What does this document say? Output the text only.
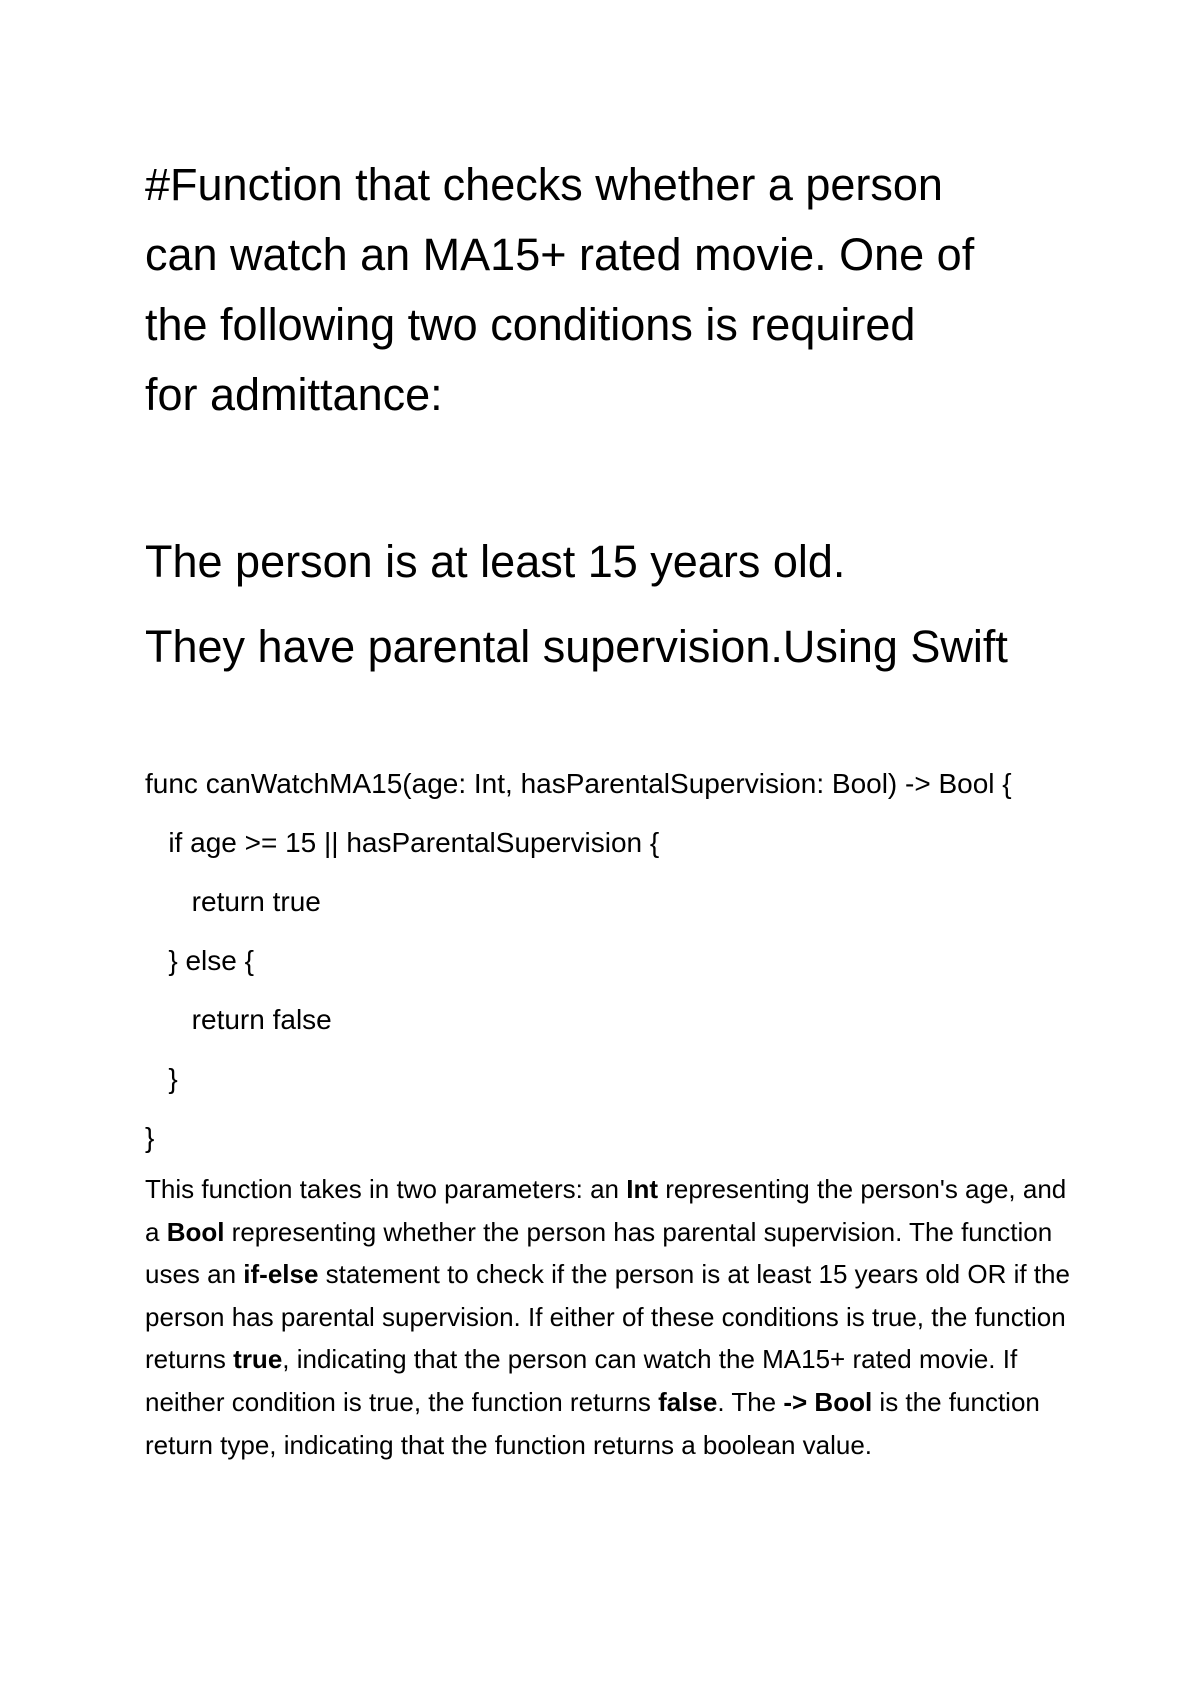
#Function that checks whether a person
can watch an MA15+ rated movie. One of
the following two conditions is required
for admittance:

The person is at least 15 years old.

They have parental supervision.Using Swift

func canWatchMA15(age: Int, hasParentalSupervision: Bool) -> Bool {
if age >= 15 || hasParentalSupervision {
return true
} else {
return false
}
}

This function takes in two parameters: an Int representing the person's age, and a Bool representing whether the person has parental supervision. The function uses an if-else statement to check if the person is at least 15 years old OR if the person has parental supervision. If either of these conditions is true, the function returns true, indicating that the person can watch the MA15+ rated movie. If neither condition is true, the function returns false. The -> Bool is the function return type, indicating that the function returns a boolean value.
